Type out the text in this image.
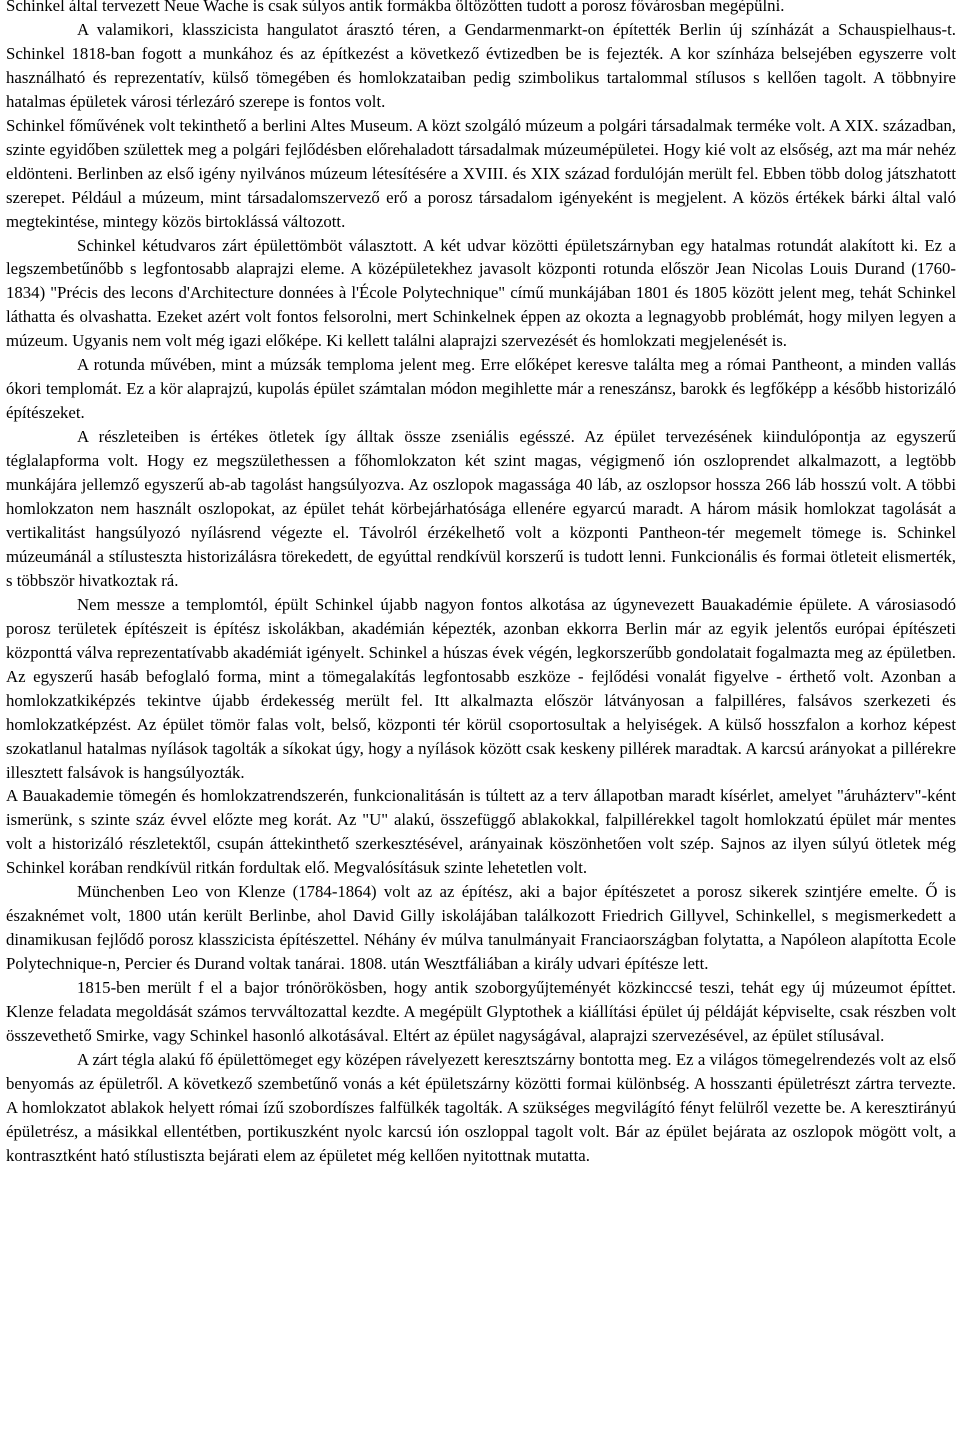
Schinkel által tervezett Neue Wache is csak súlyos antik formákba öltözötten tudott a porosz fővárosban megépülni.

A valamikori, klasszicista hangulatot árasztó téren, a Gendarmenmarkt-on építették Berlin új színházát a Schauspielhaus-t. Schinkel 1818-ban fogott a munkához és az építkezést a következő évtizedben be is fejezték. A kor színháza belsejében egyszerre volt használható és reprezentatív, külső tömegében és homlokzataiban pedig szimbolikus tartalommal stílusos s kellően tagolt. A többnyire hatalmas épületek városi térlezáró szerepe is fontos volt.

Schinkel főművének volt tekinthető a berlini Altes Museum. A közt szolgáló múzeum a polgári társadalmak terméke volt. A XIX. században, szinte egyidőben születtek meg a polgári fejlődésben előrehaladott társadalmak múzeumépületei. Hogy kié volt az elsőség, azt ma már nehéz eldönteni. Berlinben az első igény nyilvános múzeum létesítésére a XVIII. és XIX század fordulóján merült fel. Ebben több dolog játszhatott szerepet. Például a múzeum, mint társadalomszervező erő a porosz társadalom igényeként is megjelent. A közös értékek bárki által való megtekintése, mintegy közös birtoklássá változott.

Schinkel kétudvaros zárt épülettömböt választott. A két udvar közötti épületszárnyban egy hatalmas rotundát alakított ki. Ez a legszembetűnőbb s legfontosabb alaprajzi eleme. A középületekhez javasolt központi rotunda először Jean Nicolas Louis Durand (1760-1834) "Précis des lecons d'Architecture données à l'École Polytechnique" című munkájában 1801 és 1805 között jelent meg, tehát Schinkel láthatta és olvashatta. Ezeket azért volt fontos felsorolni, mert Schinkelnek éppen az okozta a legnagyobb problémát, hogy milyen legyen a múzeum. Ugyanis nem volt még igazi előképe. Ki kellett találni alaprajzi szervezését és homlokzati megjelenését is.

A rotunda művében, mint a múzsák temploma jelent meg. Erre előképet keresve találta meg a római Pantheont, a minden vallás ókori templomát. Ez a kör alaprajzú, kupolás épület számtalan módon megihlette már a reneszánsz, barokk és legfőképp a később historizáló építészeket.

A részleteiben is értékes ötletek így álltak össze zseniális egésszé. Az épület tervezésének kiindulópontja az egyszerű téglalapforma volt. Hogy ez megszülethessen a főhomlokzaton két szint magas, végigmenő ión oszloprendet alkalmazott, a legtöbb munkájára jellemző egyszerű ab-ab tagolást hangsúlyozva. Az oszlopok magassága 40 láb, az oszlopsor hossza 266 láb hosszú volt. A többi homlokzaton nem használt oszlopokat, az épület tehát körbejárhatósága ellenére egyarcú maradt. A három másik homlokzat tagolását a vertikalitást hangsúlyozó nyílásrend végezte el. Távolról érzékelhető volt a központi Pantheon-tér megemelt tömege is. Schinkel múzeumánál a stílusteszta historizálásra törekedett, de egyúttal rendkívül korszerű is tudott lenni. Funkcionális és formai ötleteit elismerték, s többször hivatkoztak rá.

Nem messze a templomtól, épült Schinkel újabb nagyon fontos alkotása az úgynevezett Bauakadémie épülete. A városiasodó porosz területek építészeit is építész iskolákban, akadémián képezték, azonban ekkorra Berlin már az egyik jelentős európai építészeti központtá válva reprezentatívabb akadémiát igényelt. Schinkel a húszas évek végén, legkorszerűbb gondolatait fogalmazta meg az épületben. Az egyszerű hasáb befoglaló forma, mint a tömegalakítás legfontosabb eszköze - fejlődési vonalát figyelve - érthető volt. Azonban a homlokzatkiképzés tekintve újabb érdekesség merült fel. Itt alkalmazta először látványosan a falpilléres, falsávos szerkezeti és homlokzatképzést. Az épület tömör falas volt, belső, központi tér körül csoportosultak a helyiségek. A külső hosszfalon a korhoz képest szokatlanul hatalmas nyílások tagolták a síkokat úgy, hogy a nyílások között csak keskeny pillérek maradtak. A karcsú arányokat a pillérekre illesztett falsávok is hangsúlyozták.

A Bauakademie tömegén és homlokzatrendszerén, funkcionalitásán is túltett az a terv állapotban maradt kísérlet, amelyet "áruházterv"-ként ismerünk, s szinte száz évvel előzte meg korát. Az "U" alakú, összefüggő ablakokkal, falpillérekkel tagolt homlokzatú épület már mentes volt a historizáló részletektől, csupán áttekinthető szerkesztésével, arányainak köszönhetően volt szép. Sajnos az ilyen súlyú ötletek még Schinkel korában rendkívül ritkán fordultak elő. Megvalósításuk szinte lehetetlen volt.

Münchenben Leo von Klenze (1784-1864) volt az az építész, aki a bajor építészetet a porosz sikerek szintjére emelte. Ő is északnémet volt, 1800 után került Berlinbe, ahol David Gilly iskolájában találkozott Friedrich Gillyvel, Schinkellel, s megismerkedett a dinamikusan fejlődő porosz klasszicista építészettel. Néhány év múlva tanulmányait Franciaországban folytatta, a Napóleon alapította Ecole Polytechnique-n, Percier és Durand voltak tanárai. 1808. után Wesztfáliában a király udvari építésze lett.

1815-ben merült f el a bajor trónörökösben, hogy antik szoborgyűjteményét közkinccsé teszi, tehát egy új múzeumot építtet. Klenze feladata megoldását számos tervváltozattal kezdte. A megépült Glyptothek a kiállítási épület új példáját képviselte, csak részben volt összevethető Smirke, vagy Schinkel hasonló alkotásával. Eltért az épület nagyságával, alaprajzi szervezésével, az épület stílusával.

A zárt tégla alakú fő épülettömeget egy középen rávelyezett keresztszárny bontotta meg. Ez a világos tömegelrendezés volt az első benyomás az épületről. A következő szembetűnő vonás a két épületszárny közötti formai különbség. A hosszanti épületrészt zártra tervezte. A homlokzatot ablakok helyett római ízű szobordíszes falfülkék tagolták. A szükséges megvilágító fényt felülről vezette be. A keresztirányú épületrész, a másikkal ellentétben, portikuszként nyolc karcsú ión oszloppal tagolt volt. Bár az épület bejárata az oszlopok mögött volt, a kontrasztként ható stílustiszta bejárati elem az épületet még kellően nyitottnak mutatta.
